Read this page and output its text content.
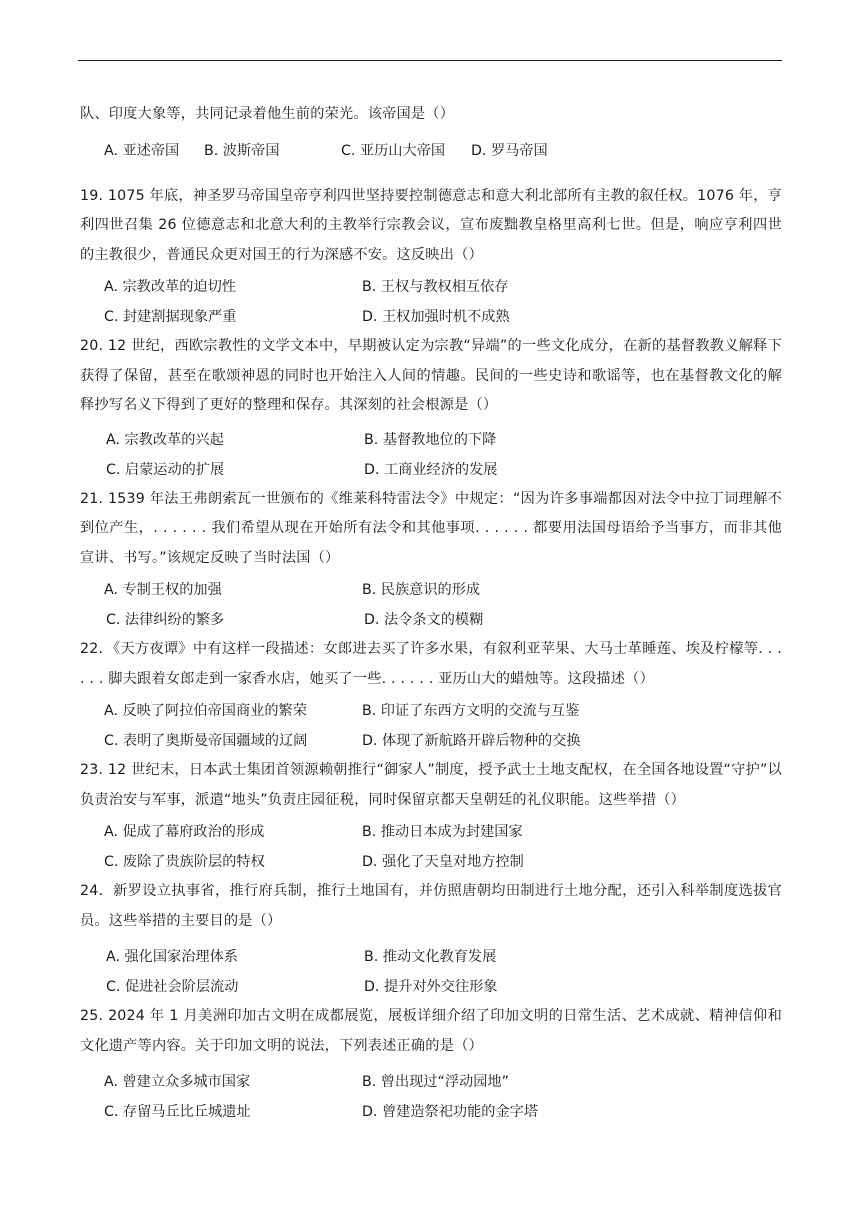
队、印度大象等，共同记录着他生前的荣光。该帝国是（）

A. 亚述帝国	B. 波斯帝国	C. 亚历山大帝国	D. 罗马帝国

19. 1075 年底，神圣罗马帝国皇帝亨利四世坚持要控制德意志和意大利北部所有主教的叙任权。1076 年，亨利四世召集 26 位德意志和北意大利的主教举行宗教会议，宣布废黜教皇格里高利七世。但是，响应亨利四世的主教很少，普通民众更对国王的行为深感不安。这反映出（）

A. 宗教改革的迫切性	B. 王权与教权相互依存
C. 封建割据现象严重	D. 王权加强时机不成熟

20. 12 世纪，西欧宗教性的文学文本中，早期被认定为宗教“异端”的一些文化成分，在新的基督教教义解释下获得了保留，甚至在歌颂神恩的同时也开始注入人间的情趣。民间的一些史诗和歌谣等，也在基督教文化的解释抄写名义下得到了更好的整理和保存。其深刻的社会根源是（）

A. 宗教改革的兴起	B. 基督教地位的下降
C. 启蒙运动的扩展	D. 工商业经济的发展

21. 1539 年法王弗朗索瓦一世颁布的《维莱科特雷法令》中规定：“因为许多事端都因对法令中拉丁词理解不到位产生，. . . . . . 我们希望从现在开始所有法令和其他事项. . . . . . 都要用法国母语给予当事方，而非其他宣讲、书写。”该规定反映了当时法国（）

A. 专制王权的加强	B. 民族意识的形成
C. 法律纠纷的繁多	D. 法令条文的模糊

22．《天方夜谭》中有这样一段描述：女郎进去买了许多水果，有叙利亚苹果、大马士革睡莲、埃及柠檬等. . . . . . 脚夫跟着女郎走到一家香水店，她买了一些. . . . . . 亚历山大的蜡烛等。这段描述（）

A. 反映了阿拉伯帝国商业的繁荣	B. 印证了东西方文明的交流与互鉴
C. 表明了奥斯曼帝国疆域的辽阔	D. 体现了新航路开辟后物种的交换

23. 12 世纪末，日本武士集团首领源赖朝推行“御家人”制度，授予武士土地支配权，在全国各地设置“守护”以负责治安与军事，派遣“地头”负责庄园征税，同时保留京都天皇朝廷的礼仪职能。这些举措（）

A. 促成了幕府政治的形成	B. 推动日本成为封建国家
C. 废除了贵族阶层的特权	D. 强化了天皇对地方控制

24．新罗设立执事省，推行府兵制，推行土地国有，并仿照唐朝均田制进行土地分配，还引入科举制度选拔官员。这些举措的主要目的是（）

A. 强化国家治理体系	B. 推动文化教育发展
C. 促进社会阶层流动	D. 提升对外交往形象

25. 2024 年 1 月美洲印加古文明在成都展览，展板详细介绍了印加文明的日常生活、艺术成就、精神信仰和文化遗产等内容。关于印加文明的说法，下列表述正确的是（）

A. 曾建立众多城市国家	B. 曾出现过“浮动园地”
C. 存留马丘比丘城遗址	D. 曾建造祭祀功能的金字塔
